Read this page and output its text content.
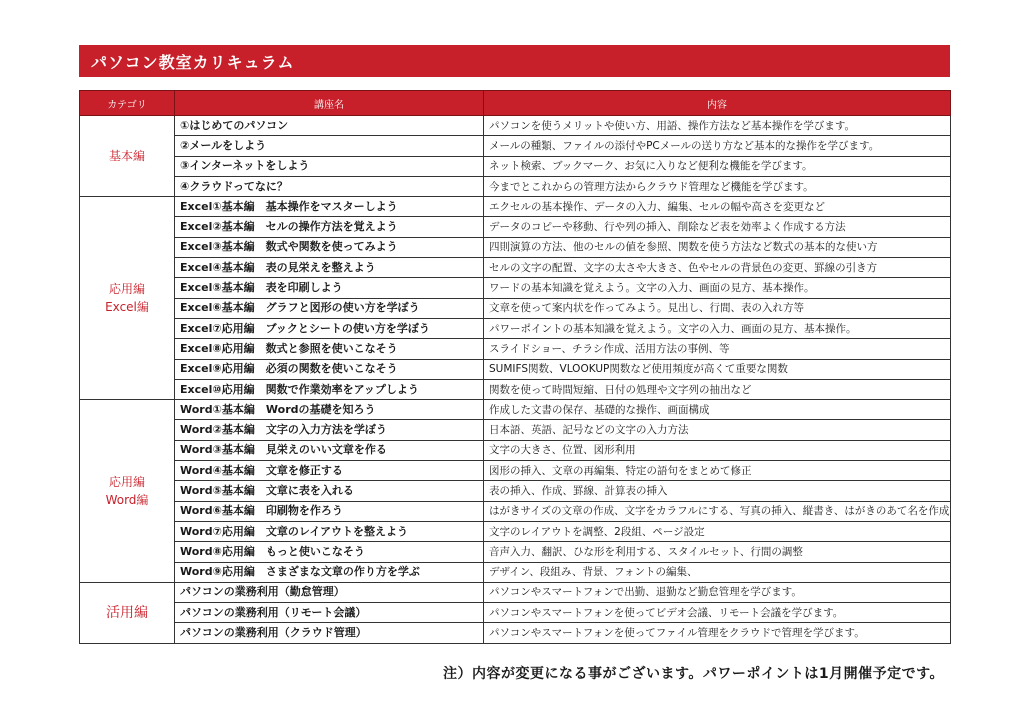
パソコン教室カリキュラム
カテゴリ	講座名	内容

基本編	①はじめてのパソコン	パソコンを使うメリットや使い方、用語、操作方法など基本操作を学びます。
	②メールをしよう	メールの種類、ファイルの添付やPCメールの送り方など基本的な操作を学びます。
	③インターネットをしよう	ネット検索、ブックマーク、お気に入りなど便利な機能を学びます。
	④クラウドってなに？	今までとこれからの管理方法からクラウド管理など機能を学びます。

応用編
Excel編	Excel①基本編　基本操作をマスターしよう	エクセルの基本操作、データの入力、編集、セルの幅や高さを変更など
	Excel②基本編　セルの操作方法を覚えよう	データのコピーや移動、行や列の挿入、削除など表を効率よく作成する方法
	Excel③基本編　数式や関数を使ってみよう	四則演算の方法、他のセルの値を参照、関数を使う方法など数式の基本的な使い方
	Excel④基本編　表の見栄えを整えよう	セルの文字の配置、文字の太さや大きさ、色やセルの背景色の変更、罫線の引き方
	Excel⑤基本編　表を印刷しよう	ワードの基本知識を覚えよう。文字の入力、画面の見方、基本操作。
	Excel⑥基本編　グラフと図形の使い方を学ぼう	文章を使って案内状を作ってみよう。見出し、行間、表の入れ方等
	Excel⑦応用編　ブックとシートの使い方を学ぼう	パワーポイントの基本知識を覚えよう。文字の入力、画面の見方、基本操作。
	Excel⑧応用編　数式と参照を使いこなそう	スライドショー、チラシ作成、活用方法の事例、等
	Excel⑨応用編　必須の関数を使いこなそう	SUMIFS関数、VLOOKUP関数など使用頻度が高くて重要な関数
	Excel⑩応用編　関数で作業効率をアップしよう	関数を使って時間短縮、日付の処理や文字列の抽出など

応用編
Word編	Word①基本編　Wordの基礎を知ろう	作成した文書の保存、基礎的な操作、画面構成
	Word②基本編　文字の入力方法を学ぼう	日本語、英語、記号などの文字の入力方法
	Word③基本編　見栄えのいい文章を作る	文字の大きさ、位置、図形利用
	Word④基本編　文章を修正する	図形の挿入、文章の再編集、特定の語句をまとめて修正
	Word⑤基本編　文章に表を入れる	表の挿入、作成、罫線、計算表の挿入
	Word⑥基本編　印刷物を作ろう	はがきサイズの文章の作成、文字をカラフルにする、写真の挿入、縦書き、はがきのあて名を作成
	Word⑦応用編　文章のレイアウトを整えよう	文字のレイアウトを調整、2段組、ページ設定
	Word⑧応用編　もっと使いこなそう	音声入力、翻訳、ひな形を利用する、スタイルセット、行間の調整
	Word⑨応用編　さまざまな文章の作り方を学ぶ	デザイン、段組み、背景、フォントの編集、

活用編	パソコンの業務利用（勤怠管理）	パソコンやスマートフォンで出勤、退勤など勤怠管理を学びます。
	パソコンの業務利用（リモート会議）	パソコンやスマートフォンを使ってビデオ会議、リモート会議を学びます。
	パソコンの業務利用（クラウド管理）	パソコンやスマートフォンを使ってファイル管理をクラウドで管理を学びます。
注）内容が変更になる事がございます。パワーポイントは1月開催予定です。
